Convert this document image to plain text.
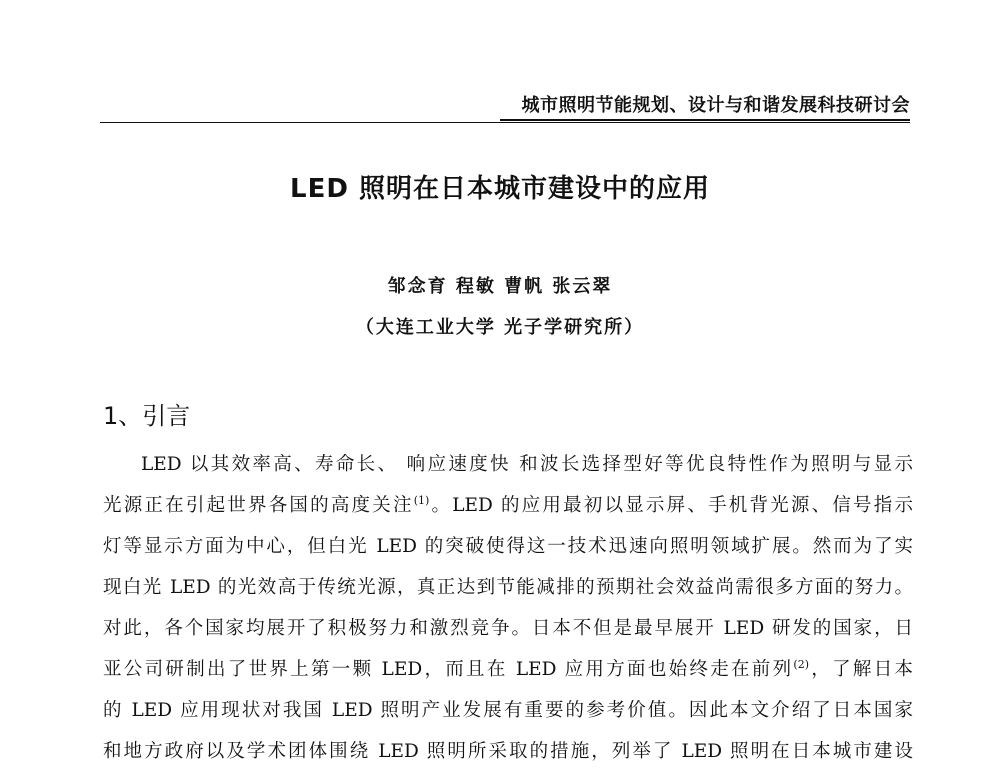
城市照明节能规划、设计与和谐发展科技研讨会
LED 照明在日本城市建设中的应用
邹念育 程敏 曹帆 张云翠
（大连工业大学 光子学研究所）
1、引言
LED 以其效率高、寿命长、 响应速度快 和波长选择型好等优良特性作为照明与显示
光源正在引起世界各国的高度关注$^{(1)}$。LED 的应用最初以显示屏、手机背光源、信号指示
灯等显示方面为中心，但白光 LED 的突破使得这一技术迅速向照明领域扩展。然而为了实
现白光 LED 的光效高于传统光源，真正达到节能减排的预期社会效益尚需很多方面的努力。
对此，各个国家均展开了积极努力和激烈竞争。日本不但是最早展开 LED 研发的国家，日
亚公司研制出了世界上第一颗 LED，而且在 LED 应用方面也始终走在前列$^{(2)}$，了解日本
的 LED 应用现状对我国 LED 照明产业发展有重要的参考价值。因此本文介绍了日本国家
和地方政府以及学术团体围绕 LED 照明所采取的措施，列举了 LED 照明在日本城市建设
